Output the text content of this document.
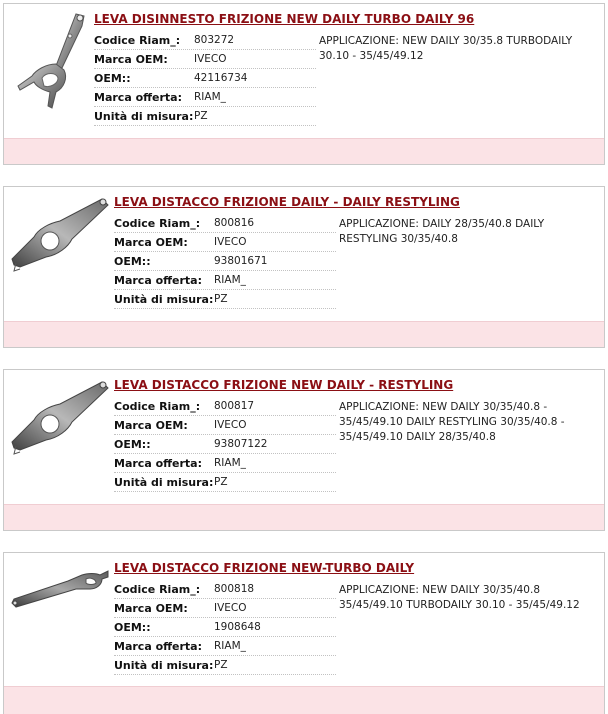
LEVA DISINNESTO FRIZIONE NEW DAILY TURBO DAILY 96
Codice Riam_:	803272
Marca OEM:	IVECO
OEM::	42116734
Marca offerta:	RIAM_
Unità di misura: PZ
APPLICAZIONE: NEW DAILY 30/35.8 TURBODAILY 30.10 - 35/45/49.12
LEVA DISTACCO FRIZIONE DAILY - DAILY RESTYLING
Codice Riam_:	800816
Marca OEM:	IVECO
OEM::	93801671
Marca offerta:	RIAM_
Unità di misura: PZ
APPLICAZIONE: DAILY 28/35/40.8 DAILY RESTYLING 30/35/40.8
LEVA DISTACCO FRIZIONE NEW DAILY - RESTYLING
Codice Riam_:	800817
Marca OEM:	IVECO
OEM::	93807122
Marca offerta:	RIAM_
Unità di misura: PZ
APPLICAZIONE: NEW DAILY 30/35/40.8 - 35/45/49.10 DAILY RESTYLING 30/35/40.8 - 35/45/49.10 DAILY 28/35/40.8
LEVA DISTACCO FRIZIONE NEW-TURBO DAILY
Codice Riam_:	800818
Marca OEM:	IVECO
OEM::	1908648
Marca offerta:	RIAM_
Unità di misura: PZ
APPLICAZIONE: NEW DAILY 30/35/40.8 35/45/49.10 TURBODAILY 30.10 - 35/45/49.12
